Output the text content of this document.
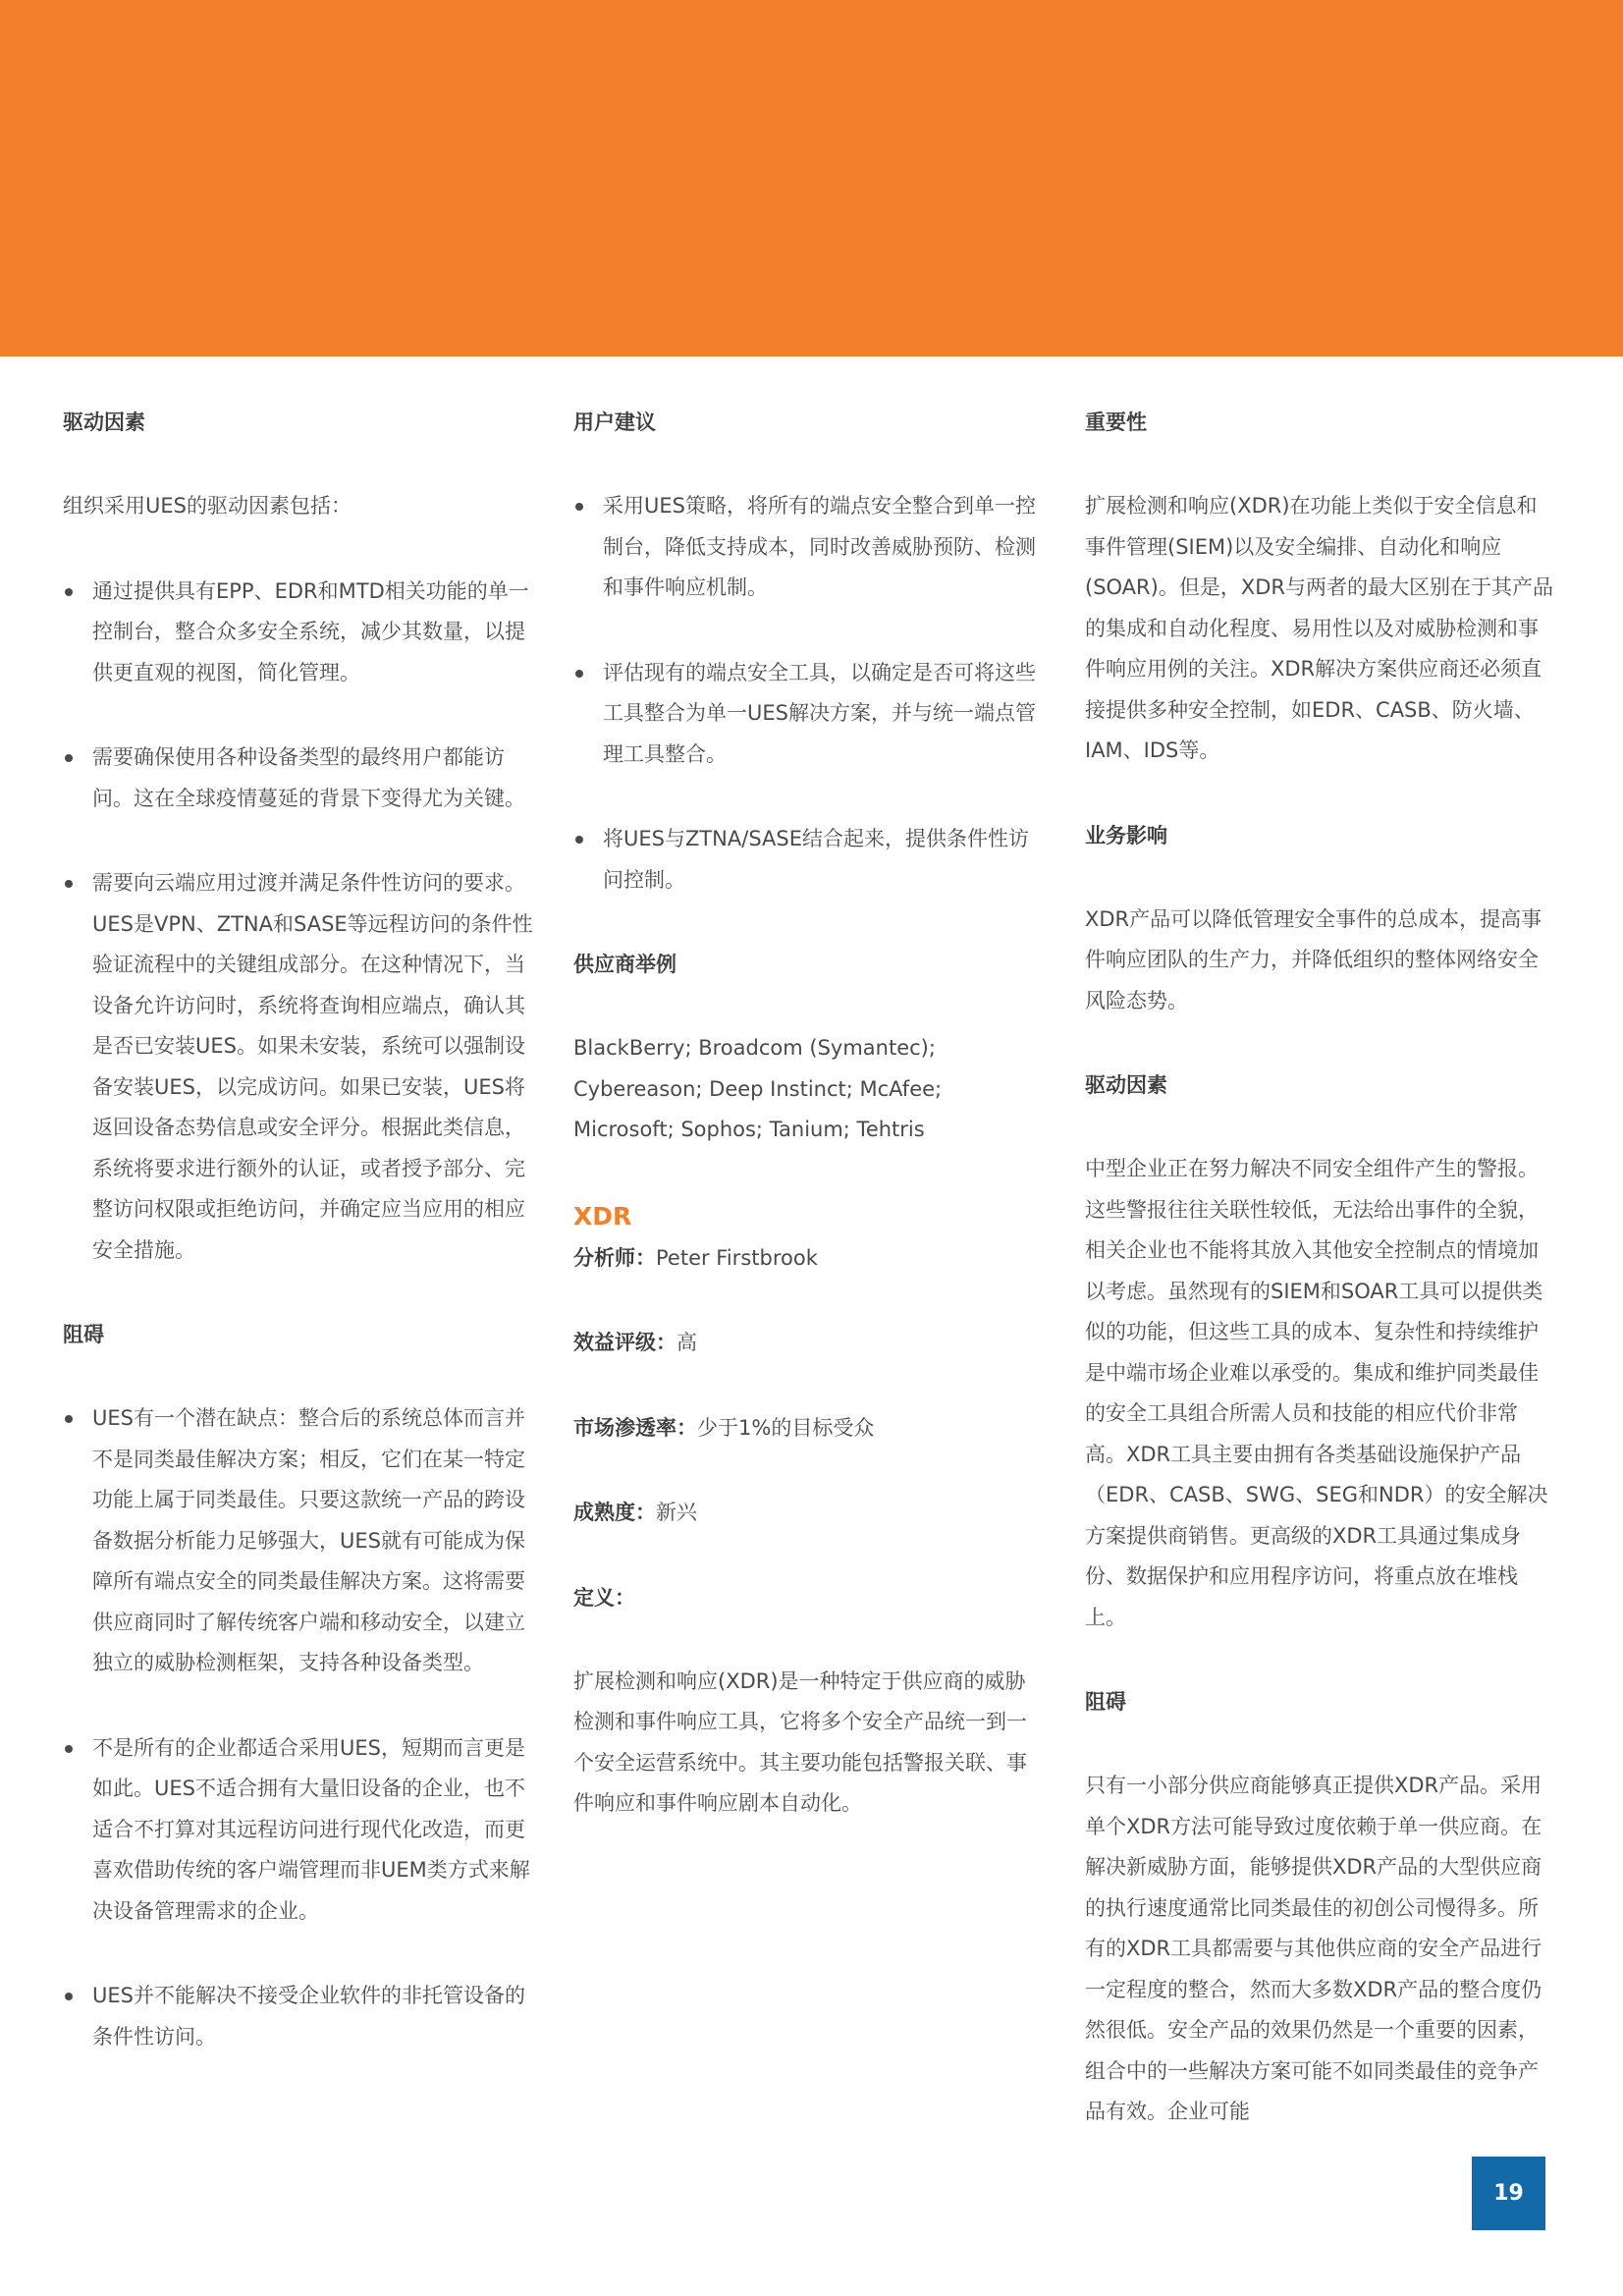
驱动因素

组织采用UES的驱动因素包括：

通过提供具有EPP、EDR和MTD相关功能的单一控制台，整合众多安全系统，减少其数量，以提供更直观的视图，简化管理。
需要确保使用各种设备类型的最终用户都能访问。这在全球疫情蔓延的背景下变得尤为关键。
需要向云端应用过渡并满足条件性访问的要求。UES是VPN、ZTNA和SASE等远程访问的条件性验证流程中的关键组成部分。在这种情况下，当设备允许访问时，系统将查询相应端点，确认其是否已安装UES。如果未安装，系统可以强制设备安装UES，以完成访问。如果已安装，UES将返回设备态势信息或安全评分。根据此类信息，系统将要求进行额外的认证，或者授予部分、完整访问权限或拒绝访问，并确定应当应用的相应安全措施。
阻碍
UES有一个潜在缺点：整合后的系统总体而言并不是同类最佳解决方案；相反，它们在某一特定功能上属于同类最佳。只要这款统一产品的跨设备数据分析能力足够强大，UES就有可能成为保障所有端点安全的同类最佳解决方案。这将需要供应商同时了解传统客户端和移动安全，以建立独立的威胁检测框架，支持各种设备类型。
不是所有的企业都适合采用UES，短期而言更是如此。UES不适合拥有大量旧设备的企业，也不适合不打算对其远程访问进行现代化改造，而更喜欢借助传统的客户端管理而非UEM类方式来解决设备管理需求的企业。
UES并不能解决不接受企业软件的非托管设备的条件性访问。
用户建议
采用UES策略，将所有的端点安全整合到单一控制台，降低支持成本，同时改善威胁预防、检测和事件响应机制。
评估现有的端点安全工具，以确定是否可将这些工具整合为单一UES解决方案，并与统一端点管理工具整合。
将UES与ZTNA/SASE结合起来，提供条件性访问控制。
供应商举例

BlackBerry; Broadcom (Symantec); Cybereason; Deep Instinct; McAfee; Microsoft; Sophos; Tanium; Tehtris

XDR
分析师：Peter Firstbrook
效益评级：高
市场渗透率：少于1%的目标受众
成熟度：新兴
定义：

扩展检测和响应(XDR)是一种特定于供应商的威胁检测和事件响应工具，它将多个安全产品统一到一个安全运营系统中。其主要功能包括警报关联、事件响应和事件响应剧本自动化。

重要性

扩展检测和响应(XDR)在功能上类似于安全信息和事件管理(SIEM)以及安全编排、自动化和响应(SOAR)。但是，XDR与两者的最大区别在于其产品的集成和自动化程度、易用性以及对威胁检测和事件响应用例的关注。XDR解决方案供应商还必须直接提供多种安全控制，如EDR、CASB、防火墙、IAM、IDS等。

业务影响

XDR产品可以降低管理安全事件的总成本，提高事件响应团队的生产力，并降低组织的整体网络安全风险态势。

驱动因素

中型企业正在努力解决不同安全组件产生的警报。这些警报往往关联性较低，无法给出事件的全貌，相关企业也不能将其放入其他安全控制点的情境加以考虑。虽然现有的SIEM和SOAR工具可以提供类似的功能，但这些工具的成本、复杂性和持续维护是中端市场企业难以承受的。集成和维护同类最佳的安全工具组合所需人员和技能的相应代价非常高。XDR工具主要由拥有各类基础设施保护产品（EDR、CASB、SWG、SEG和NDR）的安全解决方案提供商销售。更高级的XDR工具通过集成身份、数据保护和应用程序访问，将重点放在堆栈上。

阻碍

只有一小部分供应商能够真正提供XDR产品。采用单个XDR方法可能导致过度依赖于单一供应商。在解决新威胁方面，能够提供XDR产品的大型供应商的执行速度通常比同类最佳的初创公司慢得多。所有的XDR工具都需要与其他供应商的安全产品进行一定程度的整合，然而大多数XDR产品的整合度仍然很低。安全产品的效果仍然是一个重要的因素，组合中的一些解决方案可能不如同类最佳的竞争产品有效。企业可能

19
